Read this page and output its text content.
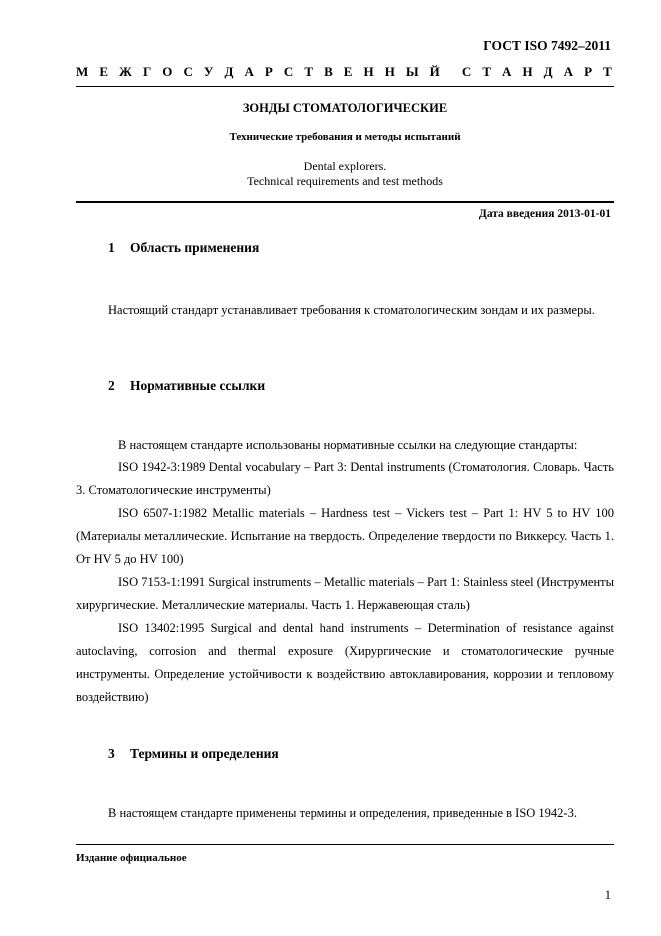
ГОСТ ISO 7492–2011
М Е Ж Г О С У Д А Р С Т В Е Н Н Ы Й С Т А Н Д А Р Т
ЗОНДЫ СТОМАТОЛОГИЧЕСКИЕ
Технические требования и методы испытаний
Dental explorers.
Technical requirements and test methods
Дата введения 2013-01-01
1 Область применения
Настоящий стандарт устанавливает требования к стоматологическим зондам и их размеры.
2 Нормативные ссылки
В настоящем стандарте использованы нормативные ссылки на следующие стандарты:
ISO 1942-3:1989 Dental vocabulary – Part 3: Dental instruments (Стоматология. Словарь. Часть 3. Стоматологические инструменты)
ISO 6507-1:1982 Metallic materials – Hardness test – Vickers test – Part 1: HV 5 to HV 100 (Материалы металлические. Испытание на твердость. Определение твердости по Виккерсу. Часть 1. От HV 5 до HV 100)
ISO 7153-1:1991 Surgical instruments – Metallic materials – Part 1: Stainless steel (Инструменты хирургические. Металлические материалы. Часть 1. Нержавеющая сталь)
ISO 13402:1995 Surgical and dental hand instruments – Determination of resistance against autoclaving, corrosion and thermal exposure (Хирургические и стоматологические ручные инструменты. Определение устойчивости к воздействию автоклавирования, коррозии и тепловому воздействию)
3 Термины и определения
В настоящем стандарте применены термины и определения, приведенные в ISO 1942-3.
Издание официальное
1
